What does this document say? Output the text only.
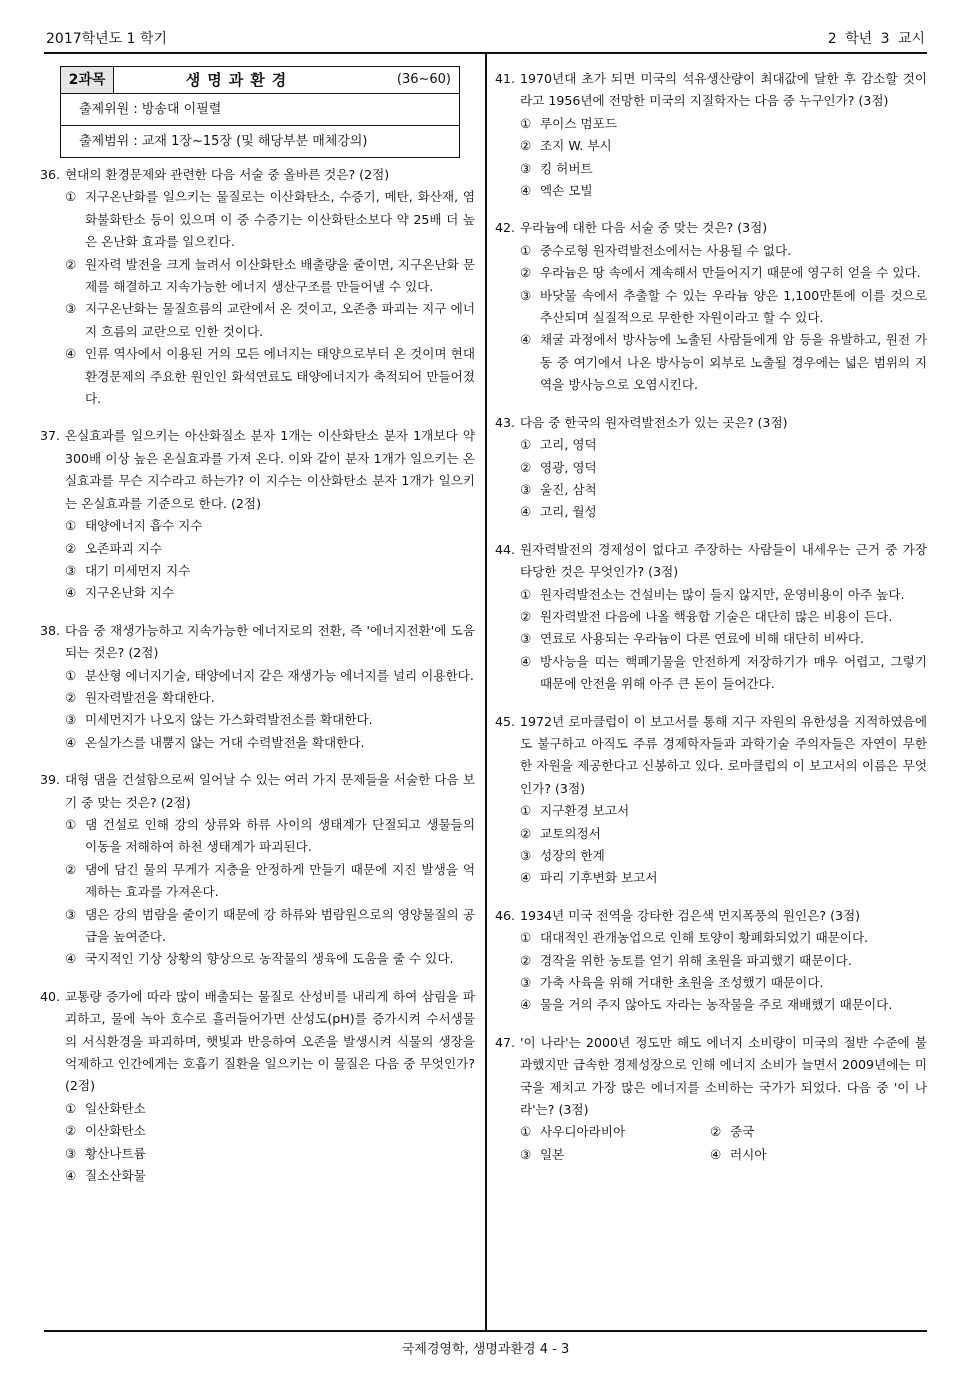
2017학년도 1 학기	2 학년 3 교시
2과목	생명과환경	(36∼60)
출제위원 : 방송대 이필렬
출제범위 : 교재 1장∼15장 (및 해당부분 매체강의)
36. 현대의 환경문제와 관련한 다음 서술 중 올바른 것은? (2점)
① 지구온난화를 일으키는 물질로는 이산화탄소, 수증기, 메탄, 화산재, 염화불화탄소 등이 있으며 이 중 수증기는 이산화탄소보다 약 25배 더 높은 온난화 효과를 일으킨다.
② 원자력 발전을 크게 늘려서 이산화탄소 배출량을 줄이면, 지구온난화 문제를 해결하고 지속가능한 에너지 생산구조를 만들어낼 수 있다.
③ 지구온난화는 물질흐름의 교란에서 온 것이고, 오존층 파괴는 지구 에너지 흐름의 교란으로 인한 것이다.
④ 인류 역사에서 이용된 거의 모든 에너지는 태양으로부터 온 것이며 현대 환경문제의 주요한 원인인 화석연료도 태양에너지가 축적되어 만들어졌다.
37. 온실효과를 일으키는 아산화질소 분자 1개는 이산화탄소 분자 1개보다 약 300배 이상 높은 온실효과를 가져 온다. 이와 같이 분자 1개가 일으키는 온실효과를 무슨 지수라고 하는가? 이 지수는 이산화탄소 분자 1개가 일으키는 온실효과를 기준으로 한다. (2점)
① 태양에너지 흡수 지수
② 오존파괴 지수
③ 대기 미세먼지 지수
④ 지구온난화 지수
38. 다음 중 재생가능하고 지속가능한 에너지로의 전환, 즉 '에너지전환'에 도움되는 것은? (2점)
① 분산형 에너지기술, 태양에너지 같은 재생가능 에너지를 널리 이용한다.
② 원자력발전을 확대한다.
③ 미세먼지가 나오지 않는 가스화력발전소를 확대한다.
④ 온실가스를 내뿜지 않는 거대 수력발전을 확대한다.
39. 대형 댐을 건설함으로써 일어날 수 있는 여러 가지 문제들을 서술한 다음 보기 중 맞는 것은? (2점)
① 댐 건설로 인해 강의 상류와 하류 사이의 생태계가 단절되고 생물들의 이동을 저해하여 하천 생태계가 파괴된다.
② 댐에 담긴 물의 무게가 지층을 안정하게 만들기 때문에 지진 발생을 억제하는 효과를 가져온다.
③ 댐은 강의 범람을 줄이기 때문에 강 하류와 범람원으로의 영양물질의 공급을 높여준다.
④ 국지적인 기상 상황의 향상으로 농작물의 생육에 도움을 줄 수 있다.
40. 교통량 증가에 따라 많이 배출되는 물질로 산성비를 내리게 하여 삼림을 파괴하고, 물에 녹아 호수로 흘러들어가면 산성도(pH)를 증가시켜 수서생물의 서식환경을 파괴하며, 햇빛과 반응하여 오존을 발생시켜 식물의 생장을 억제하고 인간에게는 호흡기 질환을 일으키는 이 물질은 다음 중 무엇인가? (2점)
① 일산화탄소
② 이산화탄소
③ 황산나트륨
④ 질소산화물
41. 1970년대 초가 되면 미국의 석유생산량이 최대값에 달한 후 감소할 것이라고 1956년에 전망한 미국의 지질학자는 다음 중 누구인가? (3점)
① 루이스 멈포드
② 조지 W. 부시
③ 킹 허버트
④ 엑손 모빌
42. 우라늄에 대한 다음 서술 중 맞는 것은? (3점)
① 중수로형 원자력발전소에서는 사용될 수 없다.
② 우라늄은 땅 속에서 계속해서 만들어지기 때문에 영구히 얻을 수 있다.
③ 바닷물 속에서 추출할 수 있는 우라늄 양은 1,100만톤에 이를 것으로 추산되며 실질적으로 무한한 자원이라고 할 수 있다.
④ 채굴 과정에서 방사능에 노출된 사람들에게 암 등을 유발하고, 원전 가동 중 여기에서 나온 방사능이 외부로 노출될 경우에는 넓은 범위의 지역을 방사능으로 오염시킨다.
43. 다음 중 한국의 원자력발전소가 있는 곳은? (3점)
① 고리, 영덕
② 영광, 영덕
③ 울진, 삼척
④ 고리, 월성
44. 원자력발전의 경제성이 없다고 주장하는 사람들이 내세우는 근거 중 가장 타당한 것은 무엇인가? (3점)
① 원자력발전소는 건설비는 많이 들지 않지만, 운영비용이 아주 높다.
② 원자력발전 다음에 나올 핵융합 기술은 대단히 많은 비용이 든다.
③ 연료로 사용되는 우라늄이 다른 연료에 비해 대단히 비싸다.
④ 방사능을 띠는 핵폐기물을 안전하게 저장하기가 매우 어렵고, 그렇기 때문에 안전을 위해 아주 큰 돈이 들어간다.
45. 1972년 로마클럽이 이 보고서를 통해 지구 자원의 유한성을 지적하였음에도 불구하고 아직도 주류 경제학자들과 과학기술 주의자들은 자연이 무한한 자원을 제공한다고 신봉하고 있다. 로마클럽의 이 보고서의 이름은 무엇인가? (3점)
① 지구환경 보고서
② 교토의정서
③ 성장의 한계
④ 파리 기후변화 보고서
46. 1934년 미국 전역을 강타한 검은색 먼지폭풍의 원인은? (3점)
① 대대적인 관개농업으로 인해 토양이 황폐화되었기 때문이다.
② 경작을 위한 농토를 얻기 위해 초원을 파괴했기 때문이다.
③ 가축 사육을 위해 거대한 초원을 조성했기 때문이다.
④ 물을 거의 주지 않아도 자라는 농작물을 주로 재배했기 때문이다.
47. '이 나라'는 2000년 정도만 해도 에너지 소비량이 미국의 절반 수준에 불과했지만 급속한 경제성장으로 인해 에너지 소비가 늘면서 2009년에는 미국을 제치고 가장 많은 에너지를 소비하는 국가가 되었다. 다음 중 '이 나라'는? (3점)
① 사우디아라비아	② 중국
③ 일본	④ 러시아
국제경영학, 생명과환경 4 - 3
